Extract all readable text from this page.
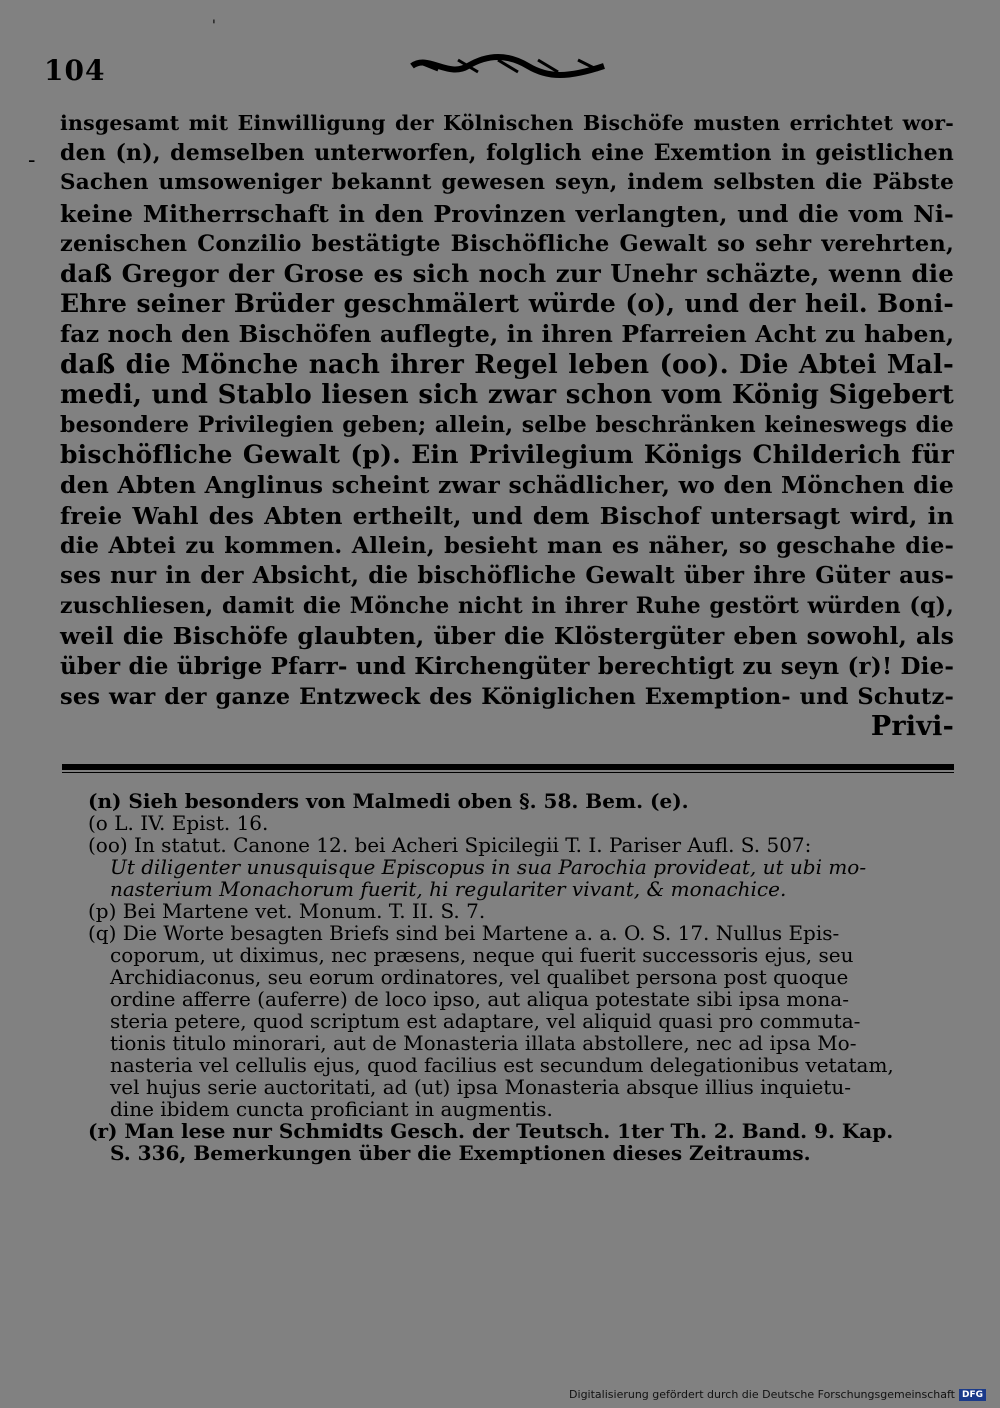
104
-
'
insgesamt mit Einwilligung der Kölnischen Bischöfe musten errichtet wor-
den (n), demselben unterworfen, folglich eine Exemtion in geistlichen
Sachen umsoweniger bekannt gewesen seyn, indem selbsten die Päbste
keine Mitherrschaft in den Provinzen verlangten, und die vom Ni-
zenischen Conzilio bestätigte Bischöfliche Gewalt so sehr verehrten,
daß Gregor der Grose es sich noch zur Unehr schäzte, wenn die
Ehre seiner Brüder geschmälert würde (o), und der heil. Boni-
faz noch den Bischöfen auflegte, in ihren Pfarreien Acht zu haben,
daß die Mönche nach ihrer Regel leben (oo). Die Abtei Mal-
medi, und Stablo liesen sich zwar schon vom König Sigebert
besondere Privilegien geben; allein, selbe beschränken keineswegs die
bischöfliche Gewalt (p). Ein Privilegium Königs Childerich für
den Abten Anglinus scheint zwar schädlicher, wo den Mönchen die
freie Wahl des Abten ertheilt, und dem Bischof untersagt wird, in
die Abtei zu kommen. Allein, besieht man es näher, so geschahe die-
ses nur in der Absicht, die bischöfliche Gewalt über ihre Güter aus-
zuschliesen, damit die Mönche nicht in ihrer Ruhe gestört würden (q),
weil die Bischöfe glaubten, über die Klöstergüter eben sowohl, als
über die übrige Pfarr- und Kirchengüter berechtigt zu seyn (r)! Die-
ses war der ganze Entzweck des Königlichen Exemption- und Schutz-
Privi-
(n) Sieh besonders von Malmedi oben §. 58. Bem. (e).
(o L. IV. Epist. 16.
(oo) In statut. Canone 12. bei Acheri Spicilegii T. I. Pariser Aufl. S. 507:
Ut diligenter unusquisque Episcopus in sua Parochia provideat, ut ubi mo-
nasterium Monachorum fuerit, hi regulariter vivant, & monachice.
(p) Bei Martene vet. Monum. T. II. S. 7.
(q) Die Worte besagten Briefs sind bei Martene a. a. O. S. 17. Nullus Epis-
coporum, ut diximus, nec præsens, neque qui fuerit successoris ejus, seu
Archidiaconus, seu eorum ordinatores, vel qualibet persona post quoque
ordine afferre (auferre) de loco ipso, aut aliqua potestate sibi ipsa mona-
steria petere, quod scriptum est adaptare, vel aliquid quasi pro commuta-
tionis titulo minorari, aut de Monasteria illata abstollere, nec ad ipsa Mo-
nasteria vel cellulis ejus, quod facilius est secundum delegationibus vetatam,
vel hujus serie auctoritati, ad (ut) ipsa Monasteria absque illius inquietu-
dine ibidem cuncta proficiant in augmentis.
(r) Man lese nur Schmidts Gesch. der Teutsch. 1ter Th. 2. Band. 9. Kap.
S. 336, Bemerkungen über die Exemptionen dieses Zeitraums.
Digitalisierung gefördert durch die Deutsche Forschungsgemeinschaft DFG
